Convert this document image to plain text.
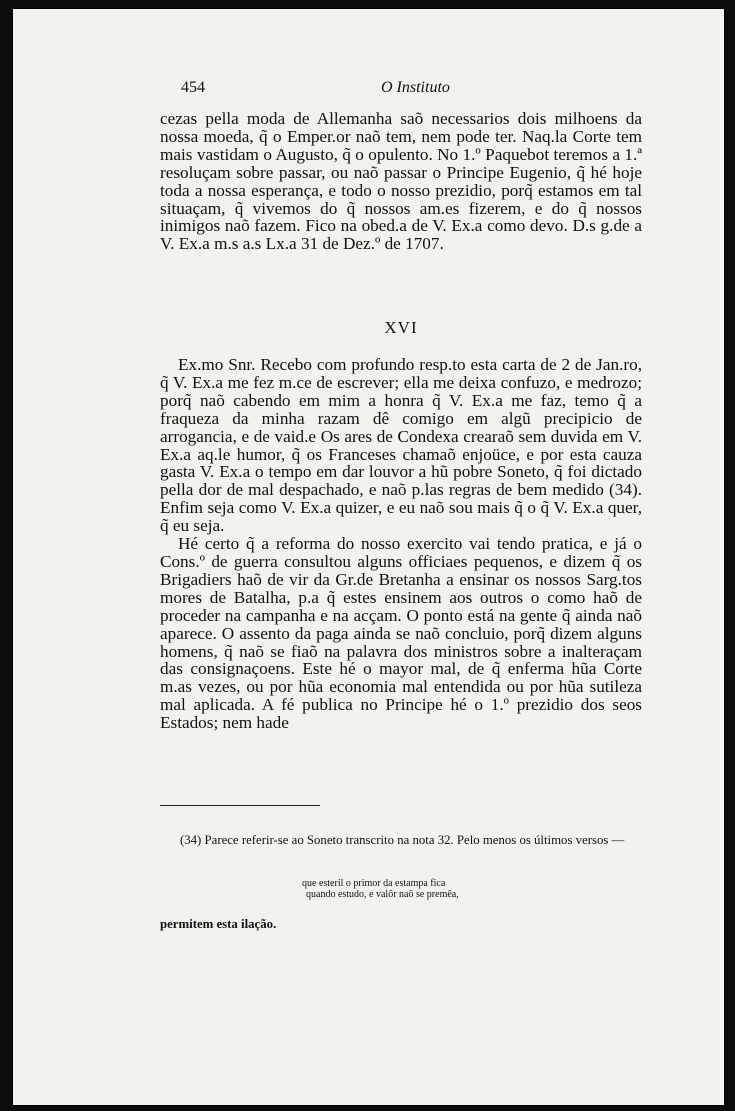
454	O Instituto

cezas pella moda de Allemanha saõ necessarios dois milhoens da nossa moeda, q̃ o Emper.or naõ tem, nem pode ter. Naq.la Corte tem mais vastidam o Augusto, q̃ o opulento. No 1.º Paquebot teremos a 1.ª resoluçam sobre passar, ou naõ passar o Principe Eugenio, q̃ hé hoje toda a nossa esperança, e todo o nosso prezidio, porq̃ estamos em tal situaçam, q̃ vivemos do q̃ nossos am.es fizerem, e do q̃ nossos inimigos naõ fazem. Fico na obed.a de V. Ex.a como devo. D.s g.de a V. Ex.a m.s a.s Lx.a 31 de Dez.º de 1707.

XVI

Ex.mo Snr. Recebo com profundo resp.to esta carta de 2 de Jan.ro, q̃ V. Ex.a me fez m.ce de escrever; ella me deixa confuzo, e medrozo; porq̃ naõ cabendo em mim a honra q̃ V. Ex.a me faz, temo q̃ a fraqueza da minha razam dê comigo em algũ precipicio de arrogancia, e de vaid.e Os ares de Condexa crearaõ sem duvida em V. Ex.a aq.le humor, q̃ os Franceses chamaõ enjoüce, e por esta cauza gasta V. Ex.a o tempo em dar louvor a hũ pobre Soneto, q̃ foi dictado pella dor de mal despachado, e naõ p.las regras de bem medido (34). Enfim seja como V. Ex.a quizer, e eu naõ sou mais q̃ o q̃ V. Ex.a quer, q̃ eu seja.

Hé certo q̃ a reforma do nosso exercito vai tendo pratica, e já o Cons.º de guerra consultou alguns officiaes pequenos, e dizem q̃ os Brigadiers haõ de vir da Gr.de Bretanha a ensinar os nossos Sarg.tos mores de Batalha, p.a q̃ estes ensinem aos outros o como haõ de proceder na campanha e na acçam. O ponto está na gente q̃ ainda naõ aparece. O assento da paga ainda se naõ concluio, porq̃ dizem alguns homens, q̃ naõ se fiaõ na palavra dos ministros sobre a inalteraçam das consignaçoens. Este hé o mayor mal, de q̃ enferma hũa Corte m.as vezes, ou por hũa economia mal entendida ou por hũa sutileza mal aplicada. A fé publica no Principe hé o 1.º prezidio dos seos Estados; nem hade

(34) Parece referir-se ao Soneto transcrito na nota 32. Pelo menos os últimos versos —

que esteril o primor da estampa fica
quando estudo, e valôr naõ se premêa,
permitem esta ilação.
